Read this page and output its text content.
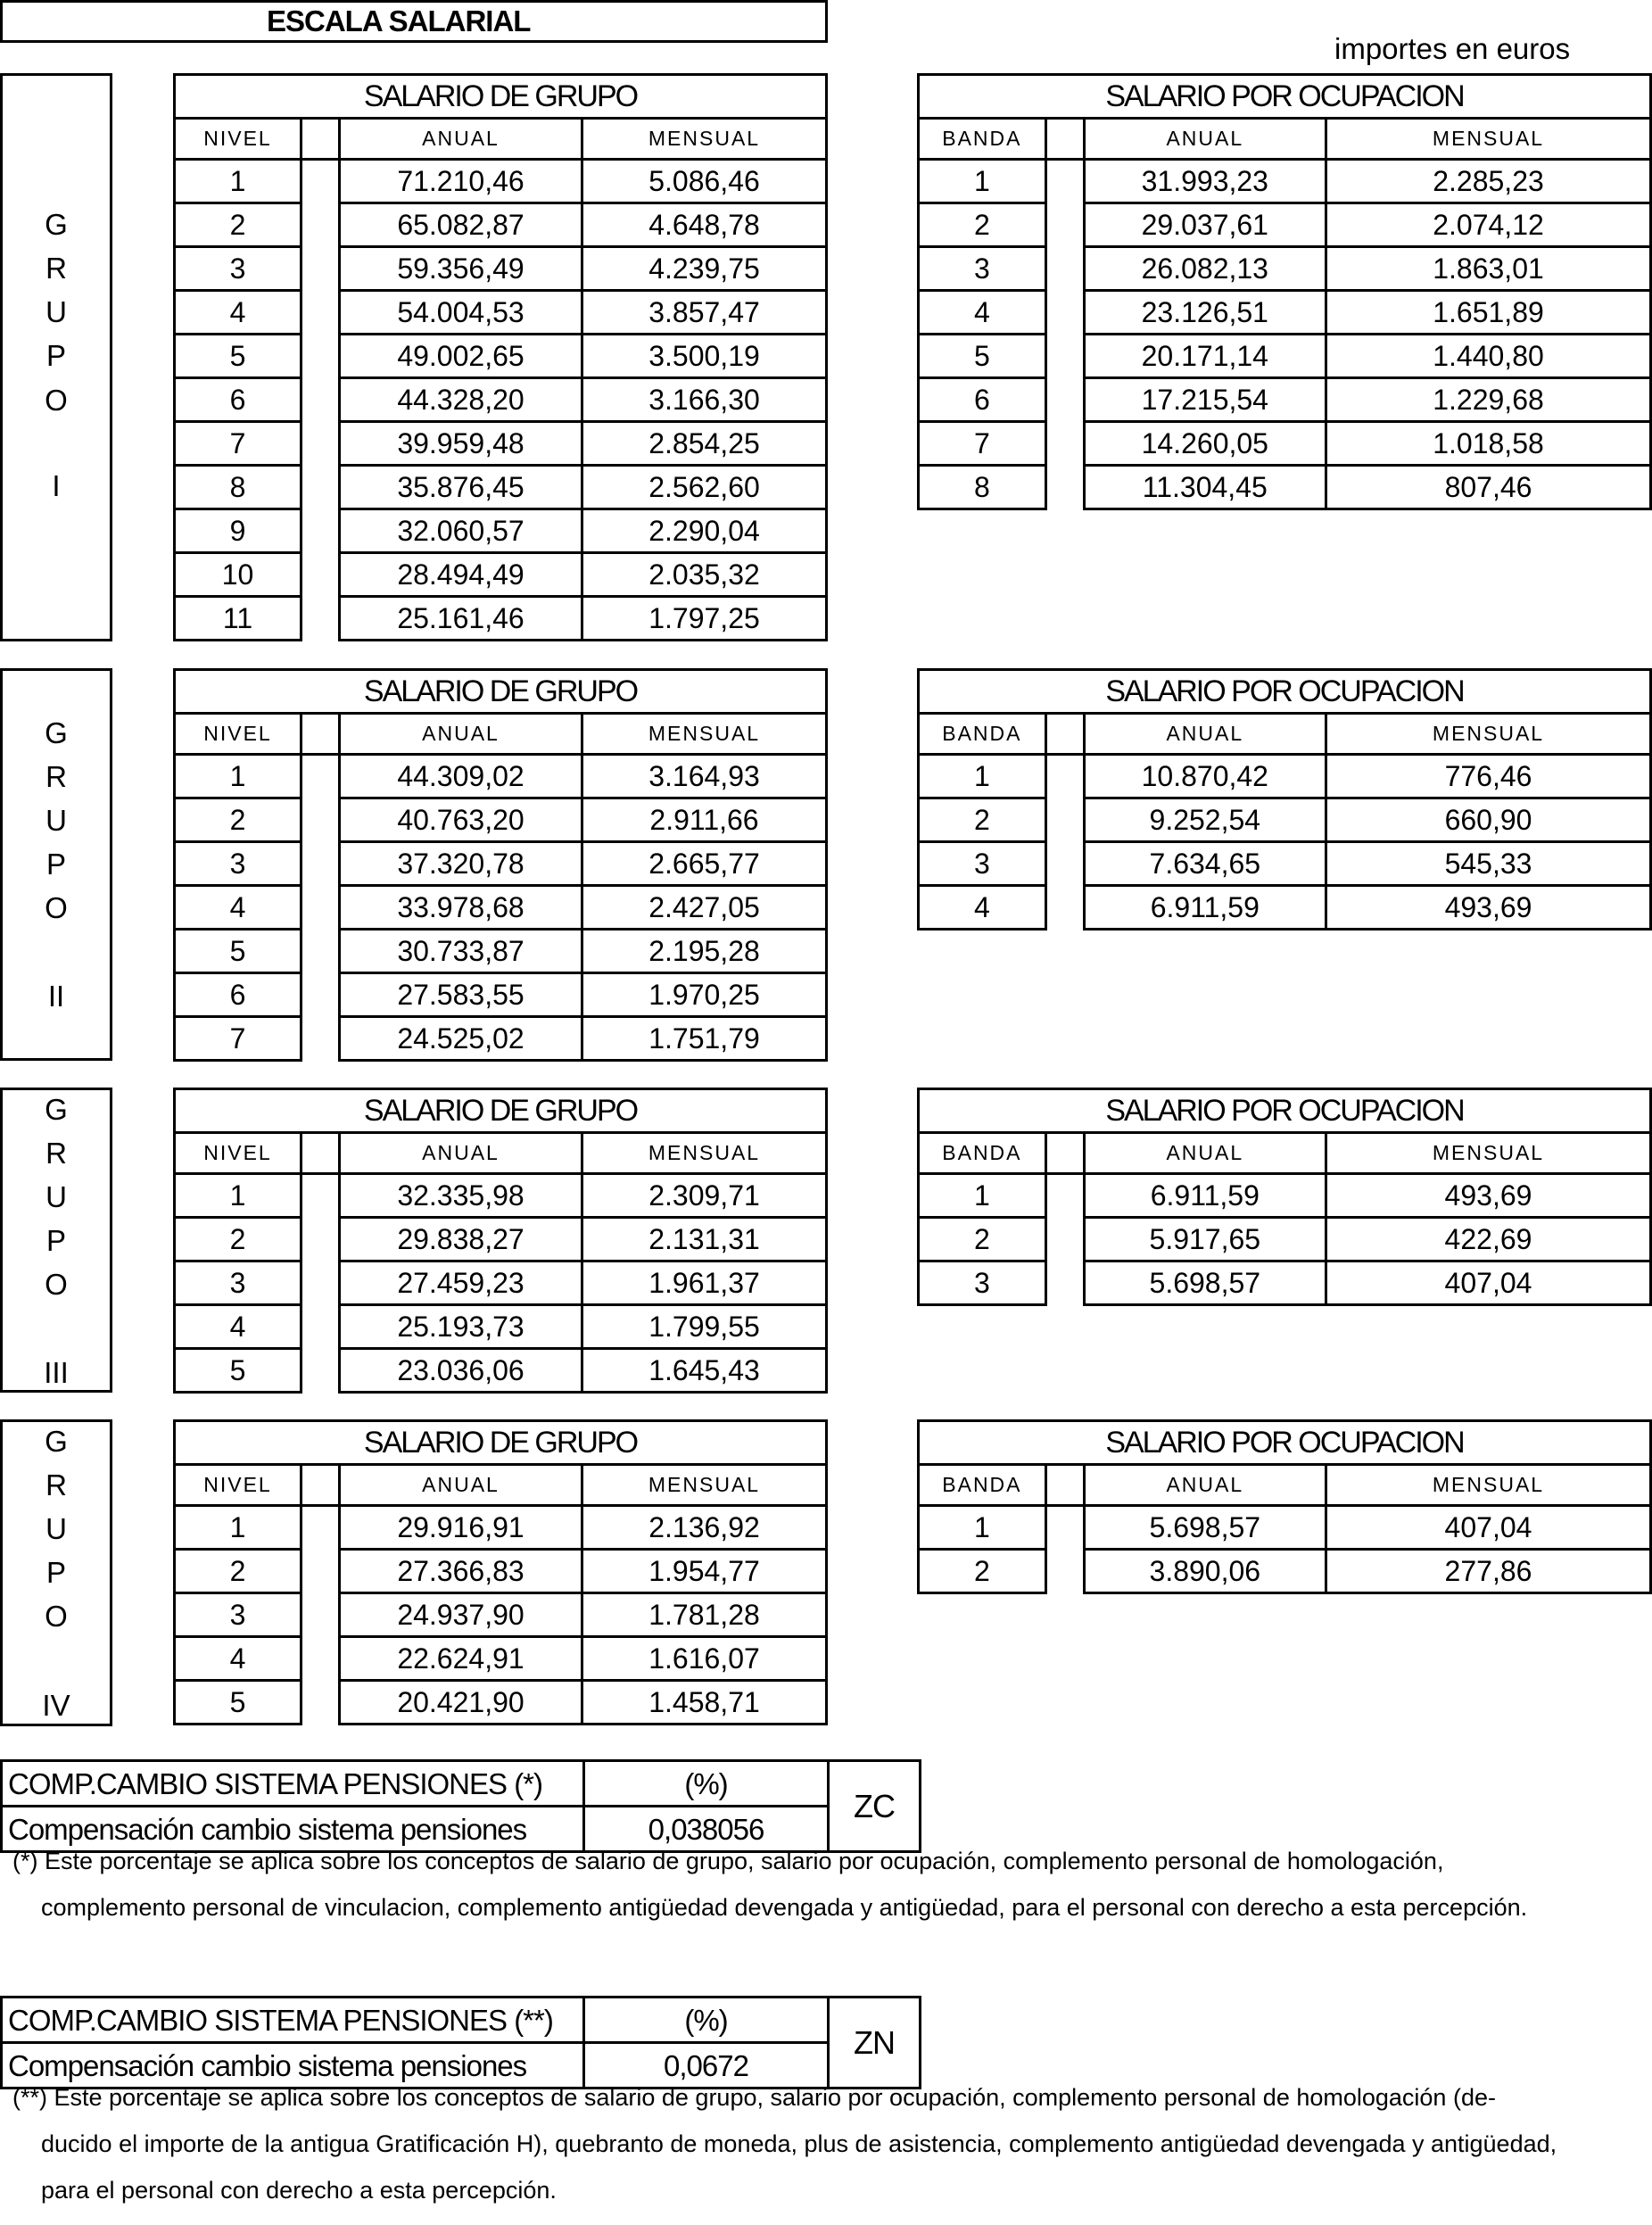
ESCALA SALARIAL
importes en euros
G
R
U
P
O
I
SALARIO DE GRUPO			
NIVEL		ANUAL	MENSUAL
1		71.210,46	5.086,46
2		65.082,87	4.648,78
3		59.356,49	4.239,75
4		54.004,53	3.857,47
5		49.002,65	3.500,19
6		44.328,20	3.166,30
7		39.959,48	2.854,25
8		35.876,45	2.562,60
9		32.060,57	2.290,04
10		28.494,49	2.035,32
11		25.161,46	1.797,25
SALARIO POR OCUPACION			
BANDA		ANUAL	MENSUAL
1		31.993,23	2.285,23
2		29.037,61	2.074,12
3		26.082,13	1.863,01
4		23.126,51	1.651,89
5		20.171,14	1.440,80
6		17.215,54	1.229,68
7		14.260,05	1.018,58
8		11.304,45	807,46
G
R
U
P
O
II
SALARIO DE GRUPO			
NIVEL		ANUAL	MENSUAL
1		44.309,02	3.164,93
2		40.763,20	2.911,66
3		37.320,78	2.665,77
4		33.978,68	2.427,05
5		30.733,87	2.195,28
6		27.583,55	1.970,25
7		24.525,02	1.751,79
SALARIO POR OCUPACION			
BANDA		ANUAL	MENSUAL
1		10.870,42	776,46
2		9.252,54	660,90
3		7.634,65	545,33
4		6.911,59	493,69
G
R
U
P
O
III
SALARIO DE GRUPO			
NIVEL		ANUAL	MENSUAL
1		32.335,98	2.309,71
2		29.838,27	2.131,31
3		27.459,23	1.961,37
4		25.193,73	1.799,55
5		23.036,06	1.645,43
SALARIO POR OCUPACION			
BANDA		ANUAL	MENSUAL
1		6.911,59	493,69
2		5.917,65	422,69
3		5.698,57	407,04
G
R
U
P
O
IV
SALARIO DE GRUPO			
NIVEL		ANUAL	MENSUAL
1		29.916,91	2.136,92
2		27.366,83	1.954,77
3		24.937,90	1.781,28
4		22.624,91	1.616,07
5		20.421,90	1.458,71
SALARIO POR OCUPACION			
BANDA		ANUAL	MENSUAL
1		5.698,57	407,04
2		3.890,06	277,86
COMP.CAMBIO SISTEMA PENSIONES (*)	(%)	ZC
Compensación cambio sistema pensiones	0,038056	
(*) Este porcentaje se aplica sobre los conceptos de salario de grupo, salario por ocupación, complemento personal de homologación,
complemento personal de vinculacion, complemento antigüedad devengada y antigüedad, para el personal con derecho a esta percepción.
COMP.CAMBIO SISTEMA PENSIONES (**)	(%)	ZN
Compensación cambio sistema pensiones	0,0672	
(**) Este porcentaje se aplica sobre los conceptos de salario de grupo, salario por ocupación, complemento personal de homologación (de-
ducido el importe de la antigua Gratificación H), quebranto de moneda, plus de asistencia, complemento antigüedad devengada y antigüedad,
para el personal con derecho a esta percepción.
